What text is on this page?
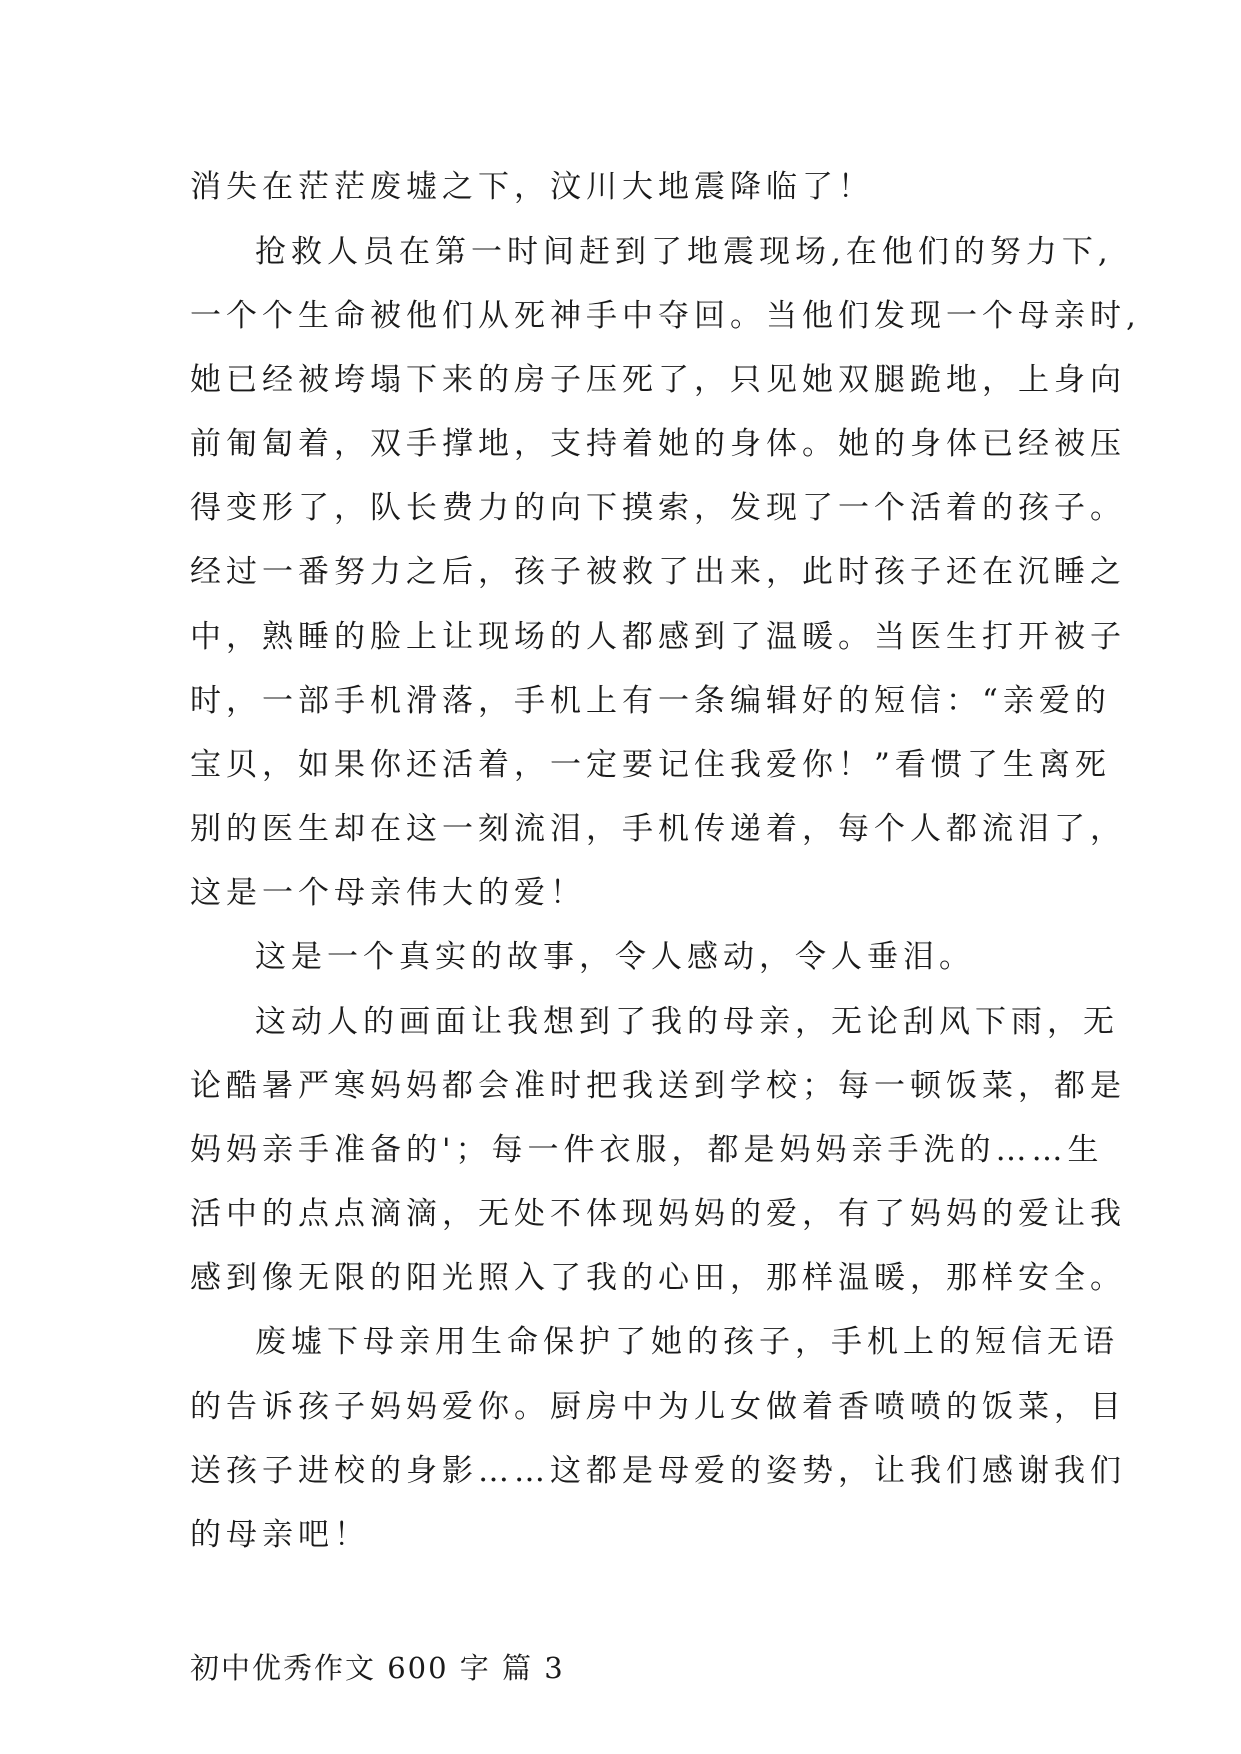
消失在茫茫废墟之下，汶川大地震降临了！

抢救人员在第一时间赶到了地震现场,在他们的努力下,

一个个生命被他们从死神手中夺回。当他们发现一个母亲时,

她已经被垮塌下来的房子压死了，只见她双腿跪地，上身向

前匍匐着，双手撑地，支持着她的身体。她的身体已经被压

得变形了，队长费力的向下摸索，发现了一个活着的孩子。

经过一番努力之后，孩子被救了出来，此时孩子还在沉睡之

中，熟睡的脸上让现场的人都感到了温暖。当医生打开被子

时，一部手机滑落，手机上有一条编辑好的短信：“亲爱的

宝贝，如果你还活着，一定要记住我爱你！”看惯了生离死

别的医生却在这一刻流泪，手机传递着，每个人都流泪了，

这是一个母亲伟大的爱！

这是一个真实的故事，令人感动，令人垂泪。

这动人的画面让我想到了我的母亲，无论刮风下雨，无

论酷暑严寒妈妈都会准时把我送到学校；每一顿饭菜，都是

妈妈亲手准备的'；每一件衣服，都是妈妈亲手洗的……生

活中的点点滴滴，无处不体现妈妈的爱，有了妈妈的爱让我

感到像无限的阳光照入了我的心田，那样温暖，那样安全。

废墟下母亲用生命保护了她的孩子，手机上的短信无语

的告诉孩子妈妈爱你。厨房中为儿女做着香喷喷的饭菜，目

送孩子进校的身影……这都是母爱的姿势，让我们感谢我们

的母亲吧！

初中优秀作文 600 字 篇 3
